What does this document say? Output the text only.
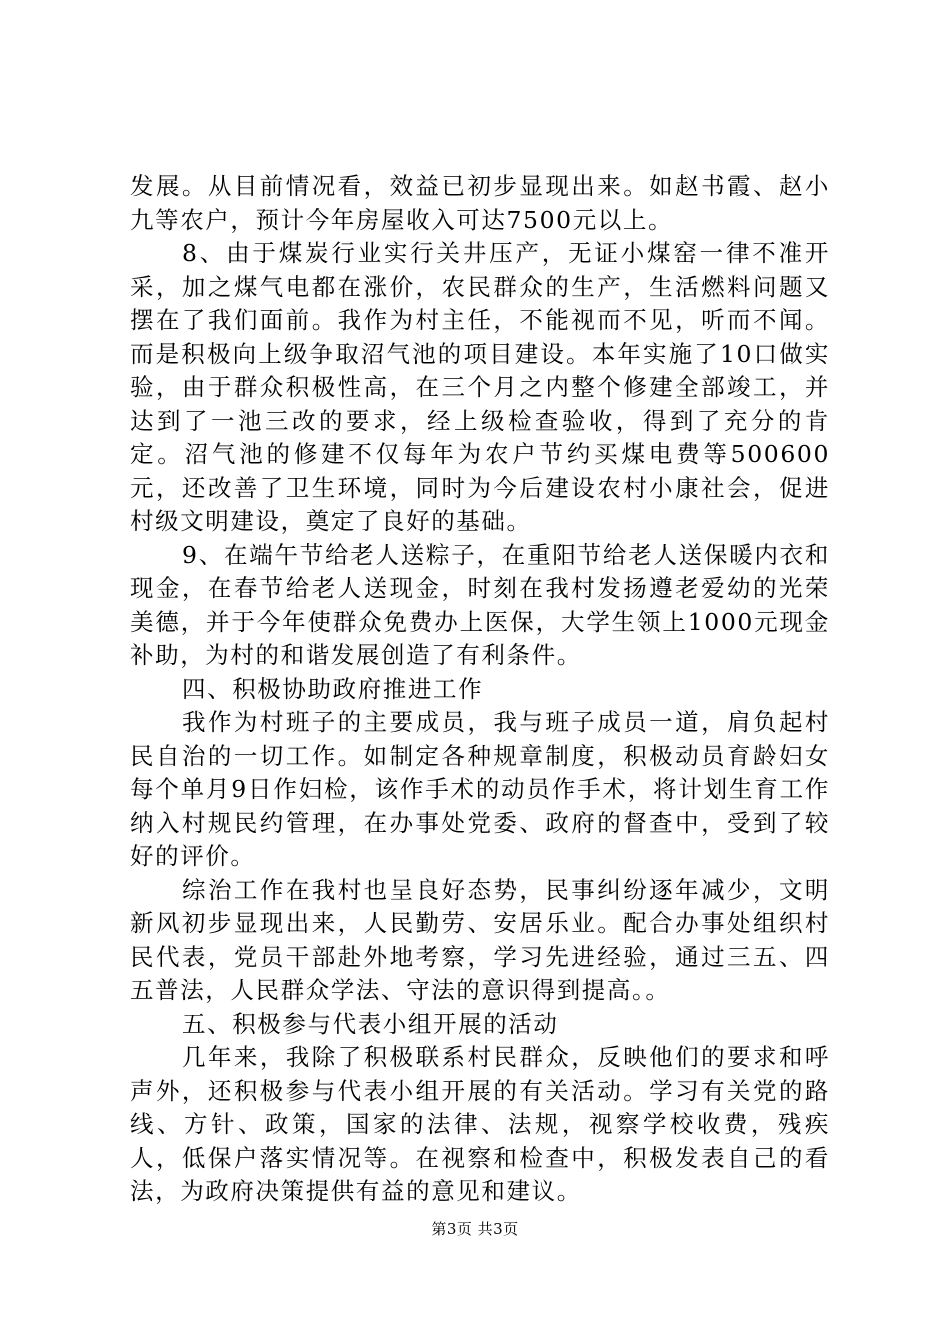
发展。从目前情况看，效益已初步显现出来。如赵书霞、赵小九等农户，预计今年房屋收入可达7500元以上。

8、由于煤炭行业实行关井压产，无证小煤窑一律不准开采，加之煤气电都在涨价，农民群众的生产，生活燃料问题又摆在了我们面前。我作为村主任，不能视而不见，听而不闻。而是积极向上级争取沼气池的项目建设。本年实施了10口做实验，由于群众积极性高，在三个月之内整个修建全部竣工，并达到了一池三改的要求，经上级检查验收，得到了充分的肯定。沼气池的修建不仅每年为农户节约买煤电费等500600元，还改善了卫生环境，同时为今后建设农村小康社会，促进村级文明建设，奠定了良好的基础。

9、在端午节给老人送粽子，在重阳节给老人送保暖内衣和现金，在春节给老人送现金，时刻在我村发扬遵老爱幼的光荣美德，并于今年使群众免费办上医保，大学生领上1000元现金补助，为村的和谐发展创造了有利条件。

四、积极协助政府推进工作

我作为村班子的主要成员，我与班子成员一道，肩负起村民自治的一切工作。如制定各种规章制度，积极动员育龄妇女每个单月9日作妇检，该作手术的动员作手术，将计划生育工作纳入村规民约管理，在办事处党委、政府的督查中，受到了较好的评价。

综治工作在我村也呈良好态势，民事纠纷逐年减少，文明新风初步显现出来，人民勤劳、安居乐业。配合办事处组织村民代表，党员干部赴外地考察，学习先进经验，通过三五、四五普法，人民群众学法、守法的意识得到提高。。

五、积极参与代表小组开展的活动

几年来，我除了积极联系村民群众，反映他们的要求和呼声外，还积极参与代表小组开展的有关活动。学习有关党的路线、方针、政策，国家的法律、法规，视察学校收费，残疾人，低保户落实情况等。在视察和检查中，积极发表自己的看法，为政府决策提供有益的意见和建议。

第3页 共3页
